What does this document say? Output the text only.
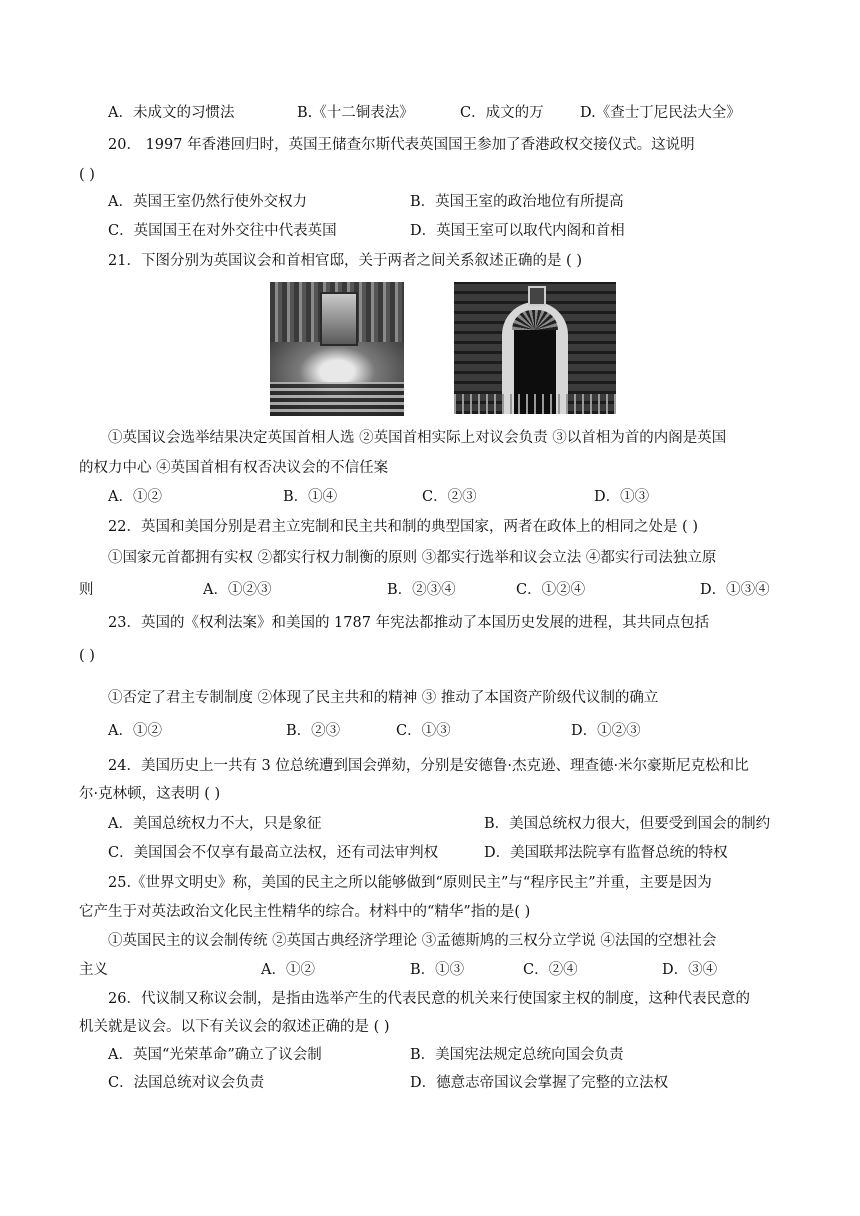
A．未成文的习惯法	B.《十二铜表法》	C．成文的万	D.《查士丁尼民法大全》
20． 1997 年香港回归时，英国王储查尔斯代表英国国王参加了香港政权交接仪式。这说明
( )
A．英国王室仍然行使外交权力	B．英国王室的政治地位有所提高
C．英国国王在对外交往中代表英国	D．英国王室可以取代内阁和首相
21．下图分别为英国议会和首相官邸，关于两者之间关系叙述正确的是 ( )
①英国议会选举结果决定英国首相人选 ②英国首相实际上对议会负责 ③以首相为首的内阁是英国
的权力中心 ④英国首相有权否决议会的不信任案
A．①②	B．①④	C．②③	D．①③
22．英国和美国分别是君主立宪制和民主共和制的典型国家，两者在政体上的相同之处是 ( )
①国家元首都拥有实权 ②都实行权力制衡的原则 ③都实行选举和议会立法 ④都实行司法独立原
则	A．①②③	B．②③④	C．①②④	D．①③④
23．英国的《权利法案》和美国的 1787 年宪法都推动了本国历史发展的进程，其共同点包括
( )
①否定了君主专制制度 ②体现了民主共和的精神 ③ 推动了本国资产阶级代议制的确立
A．①②	B．②③	C．①③	D．①②③
24．美国历史上一共有 3 位总统遭到国会弹劾，分别是安德鲁·杰克逊、理查德·米尔豪斯尼克松和比
尔·克林顿，这表明 ( )
A．美国总统权力不大，只是象征	B．美国总统权力很大，但要受到国会的制约
C．美国国会不仅享有最高立法权，还有司法审判权	D．美国联邦法院享有监督总统的特权
25.《世界文明史》称，美国的民主之所以能够做到“原则民主”与“程序民主”并重，主要是因为
它产生于对英法政治文化民主性精华的综合。材料中的“精华”指的是( )
①英国民主的议会制传统 ②英国古典经济学理论 ③孟德斯鸠的三权分立学说 ④法国的空想社会
主义	A．①②	B．①③	C．②④	D．③④
26．代议制又称议会制，是指由选举产生的代表民意的机关来行使国家主权的制度，这种代表民意的
机关就是议会。以下有关议会的叙述正确的是 ( )
A．英国“光荣革命”确立了议会制	B．美国宪法规定总统向国会负责
C．法国总统对议会负责	D．德意志帝国议会掌握了完整的立法权
